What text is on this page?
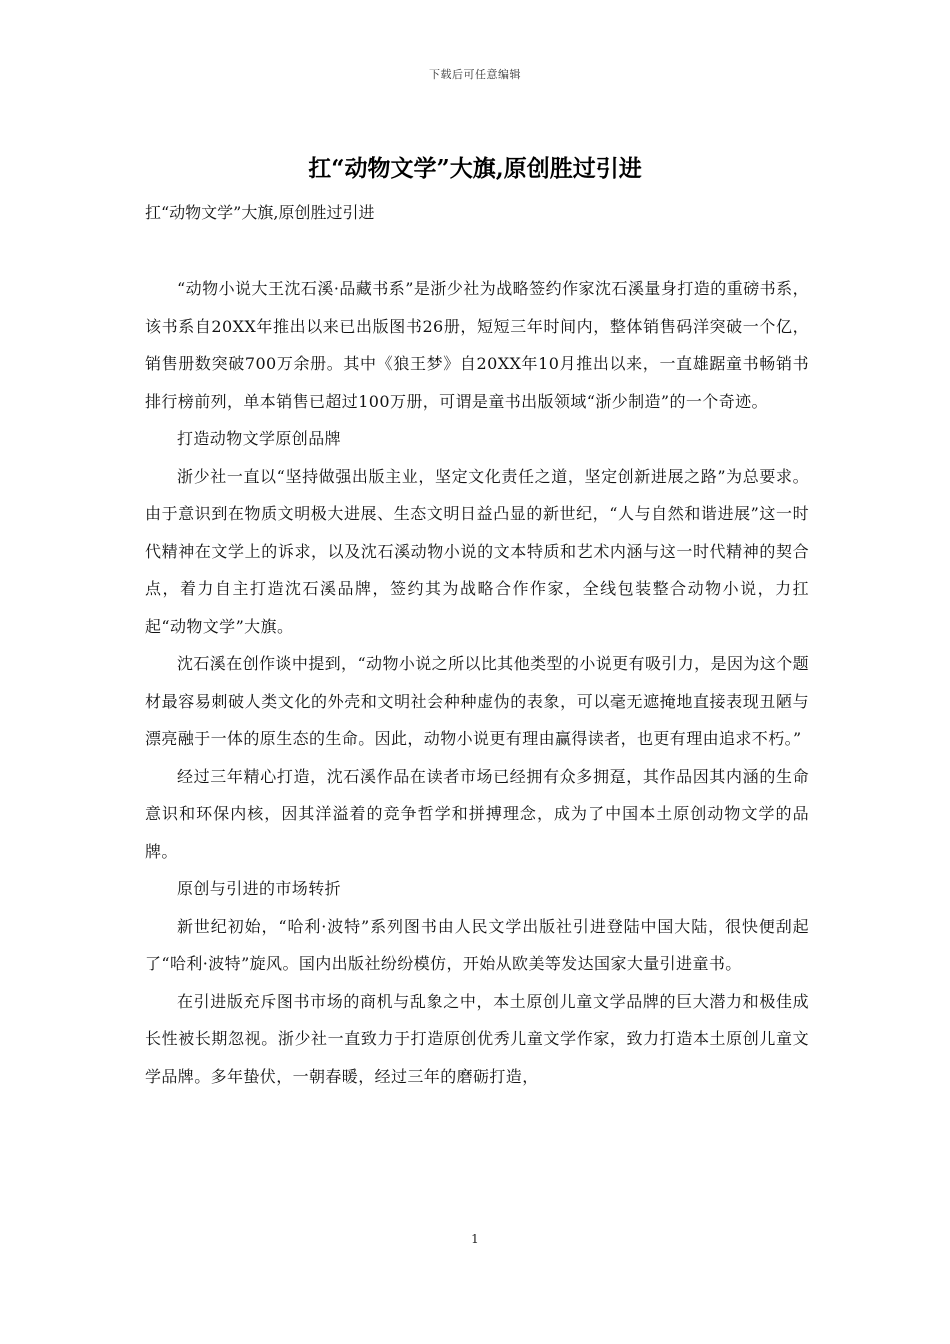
下载后可任意编辑
扛“动物文学”大旗,原创胜过引进
扛“动物文学”大旗,原创胜过引进

“动物小说大王沈石溪·品藏书系”是浙少社为战略签约作家沈石溪量身打造的重磅书系，该书系自20XX年推出以来已出版图书26册，短短三年时间内，整体销售码洋突破一个亿，销售册数突破700万余册。其中《狼王梦》自20XX年10月推出以来，一直雄踞童书畅销书排行榜前列，单本销售已超过100万册，可谓是童书出版领域“浙少制造”的一个奇迹。

打造动物文学原创品牌

浙少社一直以“坚持做强出版主业，坚定文化责任之道，坚定创新进展之路”为总要求。由于意识到在物质文明极大进展、生态文明日益凸显的新世纪，“人与自然和谐进展”这一时代精神在文学上的诉求，以及沈石溪动物小说的文本特质和艺术内涵与这一时代精神的契合点，着力自主打造沈石溪品牌，签约其为战略合作作家，全线包装整合动物小说，力扛起“动物文学”大旗。

沈石溪在创作谈中提到，“动物小说之所以比其他类型的小说更有吸引力，是因为这个题材最容易刺破人类文化的外壳和文明社会种种虚伪的表象，可以毫无遮掩地直接表现丑陋与漂亮融于一体的原生态的生命。因此，动物小说更有理由赢得读者，也更有理由追求不朽。”

经过三年精心打造，沈石溪作品在读者市场已经拥有众多拥趸，其作品因其内涵的生命意识和环保内核，因其洋溢着的竞争哲学和拼搏理念，成为了中国本土原创动物文学的品牌。

原创与引进的市场转折

新世纪初始，“哈利·波特”系列图书由人民文学出版社引进登陆中国大陆，很快便刮起了“哈利·波特”旋风。国内出版社纷纷模仿，开始从欧美等发达国家大量引进童书。

在引进版充斥图书市场的商机与乱象之中，本土原创儿童文学品牌的巨大潜力和极佳成长性被长期忽视。浙少社一直致力于打造原创优秀儿童文学作家，致力打造本土原创儿童文学品牌。多年蛰伏，一朝春暖，经过三年的磨砺打造，

1
